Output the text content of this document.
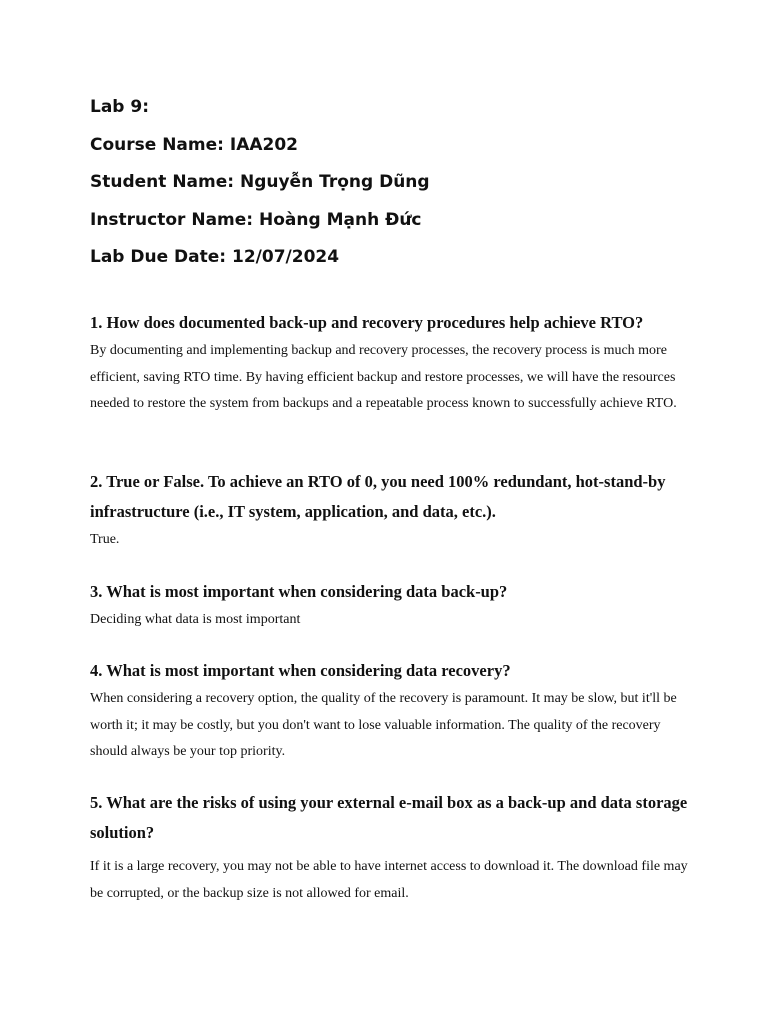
Lab 9:
Course Name: IAA202
Student Name: Nguyễn Trọng Dũng
Instructor Name: Hoàng Mạnh Đức
Lab Due Date: 12/07/2024

1. How does documented back-up and recovery procedures help achieve RTO?

By documenting and implementing backup and recovery processes, the recovery process is much more efficient, saving RTO time. By having efficient backup and restore processes, we will have the resources needed to restore the system from backups and a repeatable process known to successfully achieve RTO.

2. True or False. To achieve an RTO of 0, you need 100% redundant, hot-stand-by infrastructure (i.e., IT system, application, and data, etc.).

True.

3. What is most important when considering data back-up?

Deciding what data is most important

4. What is most important when considering data recovery?

When considering a recovery option, the quality of the recovery is paramount. It may be slow, but it'll be worth it; it may be costly, but you don't want to lose valuable information. The quality of the recovery should always be your top priority.

5. What are the risks of using your external e-mail box as a back-up and data storage solution?

If it is a large recovery, you may not be able to have internet access to download it. The download file may be corrupted, or the backup size is not allowed for email.
